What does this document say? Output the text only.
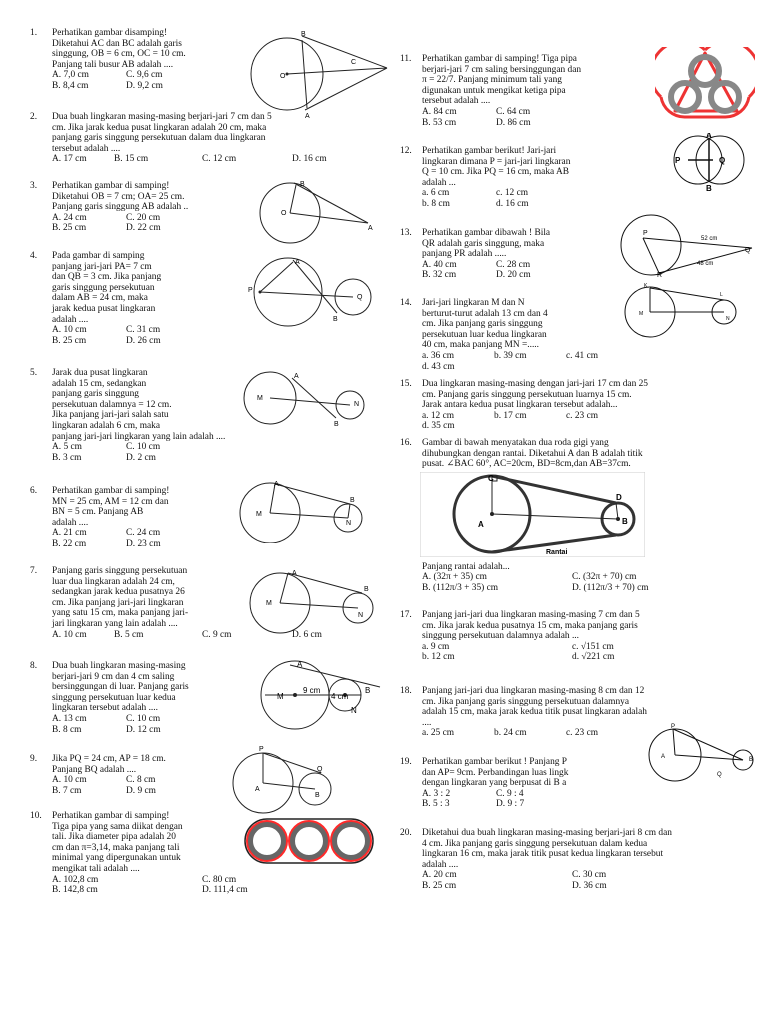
1. Perhatikan gambar disamping!
Diketahui AC dan BC adalah garis
singgung, OB = 6 cm, OC = 10 cm.
Panjang tali busur AB adalah ....
A. 7,0 cm	C. 9,6 cm
B. 8,4 cm	D. 9,2 cm
2. Dua buah lingkaran masing-masing berjari-jari 7 cm dan 5
cm. Jika jarak kedua pusat lingkaran adalah 20 cm, maka
panjang garis singgung persekutuan dalam dua lingkaran
tersebut adalah ....
A. 17 cm	B. 15 cm	C. 12 cm	D. 16 cm
3. Perhatikan gambar di samping!
Diketahui OB = 7 cm; OA= 25 cm.
Panjang garis singgung AB adalah ..
A. 24 cm	C. 20 cm
B. 25 cm	D. 22 cm
4. Pada gambar di samping
panjang jari-jari PA= 7 cm
dan QB = 3 cm. Jika panjang
garis singgung persekutuan
dalam AB = 24 cm, maka
jarak kedua pusat lingkaran
adalah ....
A. 10 cm	C. 31 cm
B. 25 cm	D. 26 cm
5. Jarak dua pusat lingkaran
adalah 15 cm, sedangkan
panjang garis singgung
persekutuan dalamnya = 12 cm.
Jika panjang jari-jari salah satu
lingkaran adalah 6 cm, maka
panjang jari-jari lingkaran yang lain adalah ....
A. 5 cm	C. 10 cm
B. 3 cm	D. 2 cm
6. Perhatikan gambar di samping!
MN = 25 cm, AM = 12 cm dan
BN = 5 cm. Panjang AB
adalah ....
A. 21 cm	C. 24 cm
B. 22 cm	D. 23 cm
7. Panjang garis singgung persekutuan
luar dua lingkaran adalah 24 cm,
sedangkan jarak kedua pusatnya 26
cm. Jika panjang jari-jari lingkaran
yang satu 15 cm, maka panjang jari-
jari lingkaran yang lain adalah ....
A. 10 cm	B. 5 cm	C. 9 cm	D. 6 cm
8. Dua buah lingkaran masing-masing
berjari-jari 9 cm dan 4 cm saling
bersinggungan di luar. Panjang garis
singgung persekutuan luar kedua
lingkaran tersebut adalah ....
A. 13 cm	C. 10 cm
B. 8 cm	D. 12 cm
9. Jika PQ = 24 cm, AP = 18 cm.
Panjang BQ adalah ....
A. 10 cm	C. 8 cm
B. 7 cm	D. 9 cm
10. Perhatikan gambar di samping!
Tiga pipa yang sama diikat dengan
tali. Jika diameter pipa adalah 20
cm dan π=3,14, maka panjang tali
minimal yang dipergunakan untuk
mengikat tali adalah ....
A. 102,8 cm	C. 80 cm
B. 142,8 cm	D. 111,4 cm
11. Perhatikan gambar di samping! Tiga pipa
berjari-jari 7 cm saling bersinggungan dan
π = 22/7. Panjang minimum tali yang
digunakan untuk mengikat ketiga pipa
tersebut adalah ....
A. 84 cm	C. 64 cm
B. 53 cm	D. 86 cm
12. Perhatikan gambar berikut! Jari-jari
lingkaran dimana P = jari-jari lingkaran
Q = 10 cm. Jika PQ = 16 cm, maka AB
adalah ...
a. 6 cm	c. 12 cm
b. 8 cm	d. 16 cm
13. Perhatikan gambar dibawah ! Bila
QR adalah garis singgung, maka
panjang PR adalah .....
A. 40 cm	C. 28 cm
B. 32 cm	D. 20 cm
14. Jari-jari lingkaran M dan N
berturut-turut adalah 13 cm dan 4
cm. Jika panjang garis singgung
persekutuan luar kedua lingkaran
40 cm, maka panjang MN =.....
a. 36 cm	b. 39 cm	c. 41 cm
d. 43 cm
15. Dua lingkaran masing-masing dengan jari-jari 17 cm dan 25
cm. Panjang garis singgung persekutuan luarnya 15 cm.
Jarak antara kedua pusat lingkaran tersebut adalah...
a. 12 cm	b. 17 cm	c. 23 cm
d. 35 cm
16. Gambar di bawah menyatakan dua roda gigi yang
dihubungkan dengan rantai. Diketahui A dan B adalah titik
pusat. ∠BAC 60°, AC=20cm, BD=8cm,dan AB=37cm.
Panjang rantai adalah...
A. (32π + 35) cm	C. (32π + 70) cm
B. (112π/3 + 35) cm	D. (112π/3 + 70) cm
17. Panjang jari-jari dua lingkaran masing-masing 7 cm dan 5
cm. Jika jarak kedua pusatnya 15 cm, maka panjang garis
singgung persekutuan dalamnya adalah ...
a. 9 cm	c. √151 cm
b. 12 cm	d. √221 cm
18. Panjang jari-jari dua lingkaran masing-masing 8 cm dan 12
cm. Jika panjang garis singgung persekutuan dalamnya
adalah 15 cm, maka jarak kedua titik pusat lingkaran adalah
....
a. 25 cm	b. 24 cm	c. 23 cm
19. Perhatikan gambar berikut ! Panjang P
dan AP= 9cm. Perbandingan luas lingk
dengan lingkaran yang berpusat di B a
A. 3 : 2	C. 9 : 4
B. 5 : 3	D. 9 : 7
20. Diketahui dua buah lingkaran masing-masing berjari-jari 8 cm dan
4 cm. Jika panjang garis singgung persekutuan dalam kedua
lingkaran 16 cm, maka jarak titik pusat kedua lingkaran tersebut
adalah ....
A. 20 cm	C. 30 cm
B. 25 cm	D. 36 cm
B
O
C
A
B
O
A
A
P
Q
B
A
M
N
B
A
M
N
B
A
M
N
B
A
M
9 cm
4 cm
B
N
P
A
Q
B
A
P	Q
B
P
52 cm
Q
48 cm
R
K
L
M
N
C
D
A	B
Rantai
P
A	B
Q
